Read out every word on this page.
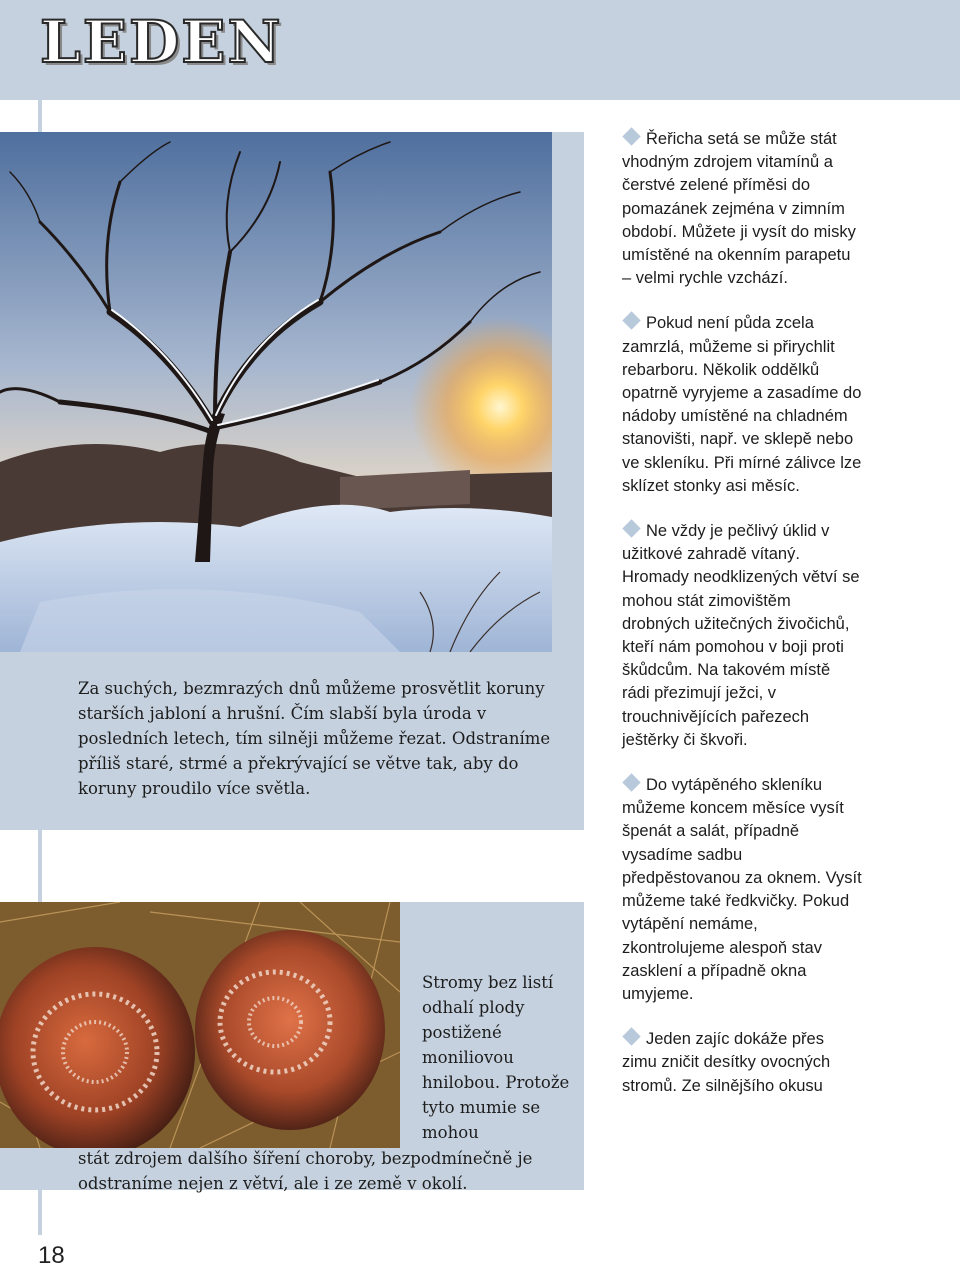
LEDEN

Za suchých, bezmrazých dnů můžeme prosvětlit koruny starších jabloní a hrušní. Čím slabší byla úroda v posledních letech, tím silněji můžeme řezat. Odstraníme příliš staré, strmé a překrývající se větve tak, aby do koruny proudilo více světla.

Stromy bez listí odhalí plody postižené moniliovou hnilobou. Protože tyto mumie se mohou

stát zdrojem dalšího šíření choroby, bezpodmínečně je odstraníme nejen z větví, ale i ze země v okolí.

Řeřicha setá se může stát vhodným zdrojem vitamínů a čerstvé zelené příměsi do pomazánek zejména v zimním období. Můžete ji vysít do misky umístěné na okenním parapetu – velmi rychle vzchází.

Pokud není půda zcela zamrzlá, můžeme si přirychlit rebarboru. Několik oddělků opatrně vyryjeme a zasadíme do nádoby umístěné na chladném stanovišti, např. ve sklepě nebo ve skleníku. Při mírné zálivce lze sklízet stonky asi měsíc.

Ne vždy je pečlivý úklid v užitkové zahradě vítaný. Hromady neodklizených větví se mohou stát zimovištěm drobných užitečných živočichů, kteří nám pomohou v boji proti škůdcům. Na takovém místě rádi přezimují ježci, v trouchnivějících pařezech ještěrky či škvoři.

Do vytápěného skleníku můžeme koncem měsíce vysít špenát a salát, případně vysadíme sadbu předpěstovanou za oknem. Vysít můžeme také ředkvičky. Pokud vytápění nemáme, zkontrolujeme alespoň stav zasklení a případně okna umyjeme.

Jeden zajíc dokáže přes zimu zničit desítky ovocných stromů. Ze silnějšího okusu

18
